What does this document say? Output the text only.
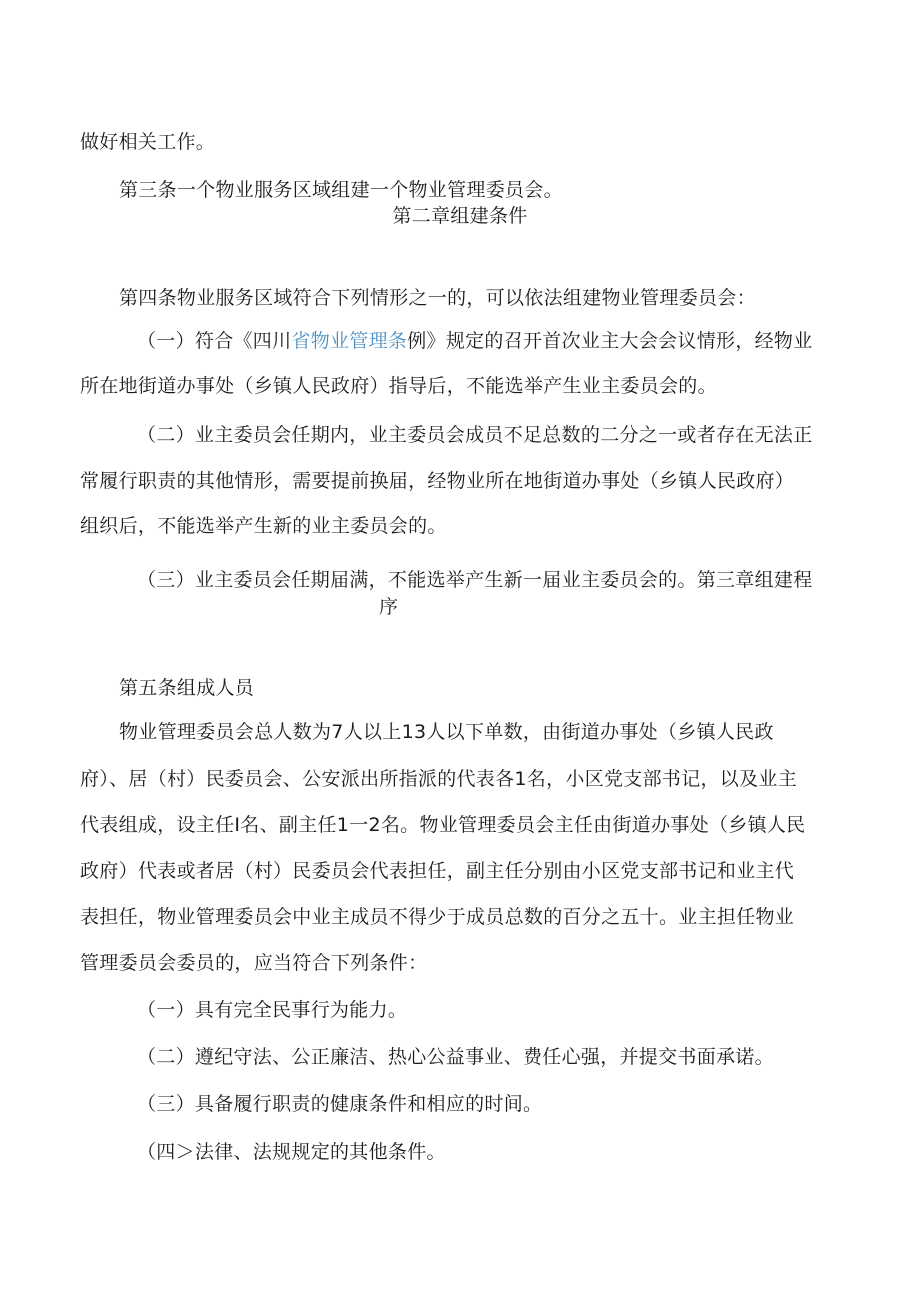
做好相关工作。
第三条一个物业服务区域组建一个物业管理委员会。
第二章组建条件
第四条物业服务区域符合下列情形之一的，可以依法组建物业管理委员会：
（一）符合《四川省物业管理条例》规定的召开首次业主大会会议情形，经物业
所在地街道办事处（乡镇人民政府）指导后，不能选举产生业主委员会的。
（二）业主委员会任期内，业主委员会成员不足总数的二分之一或者存在无法正
常履行职责的其他情形，需要提前换届，经物业所在地街道办事处（乡镇人民政府）
组织后，不能选举产生新的业主委员会的。
（三）业主委员会任期届满，不能选举产生新一届业主委员会的。第三章组建程
序
第五条组成人员
物业管理委员会总人数为7人以上13人以下单数，由街道办事处（乡镇人民政
府）、居（村）民委员会、公安派出所指派的代表各1名，小区党支部书记，以及业主
代表组成，设主任I名、副主任1一2名。物业管理委员会主任由街道办事处（乡镇人民
政府）代表或者居（村）民委员会代表担任，副主任分别由小区党支部书记和业主代
表担任，物业管理委员会中业主成员不得少于成员总数的百分之五十。业主担任物业
管理委员会委员的，应当符合下列条件：
（一）具有完全民事行为能力。
（二）遵纪守法、公正廉洁、热心公益事业、费任心强，并提交书面承诺。
（三）具备履行职责的健康条件和相应的时间。
（四＞法律、法规规定的其他条件。
